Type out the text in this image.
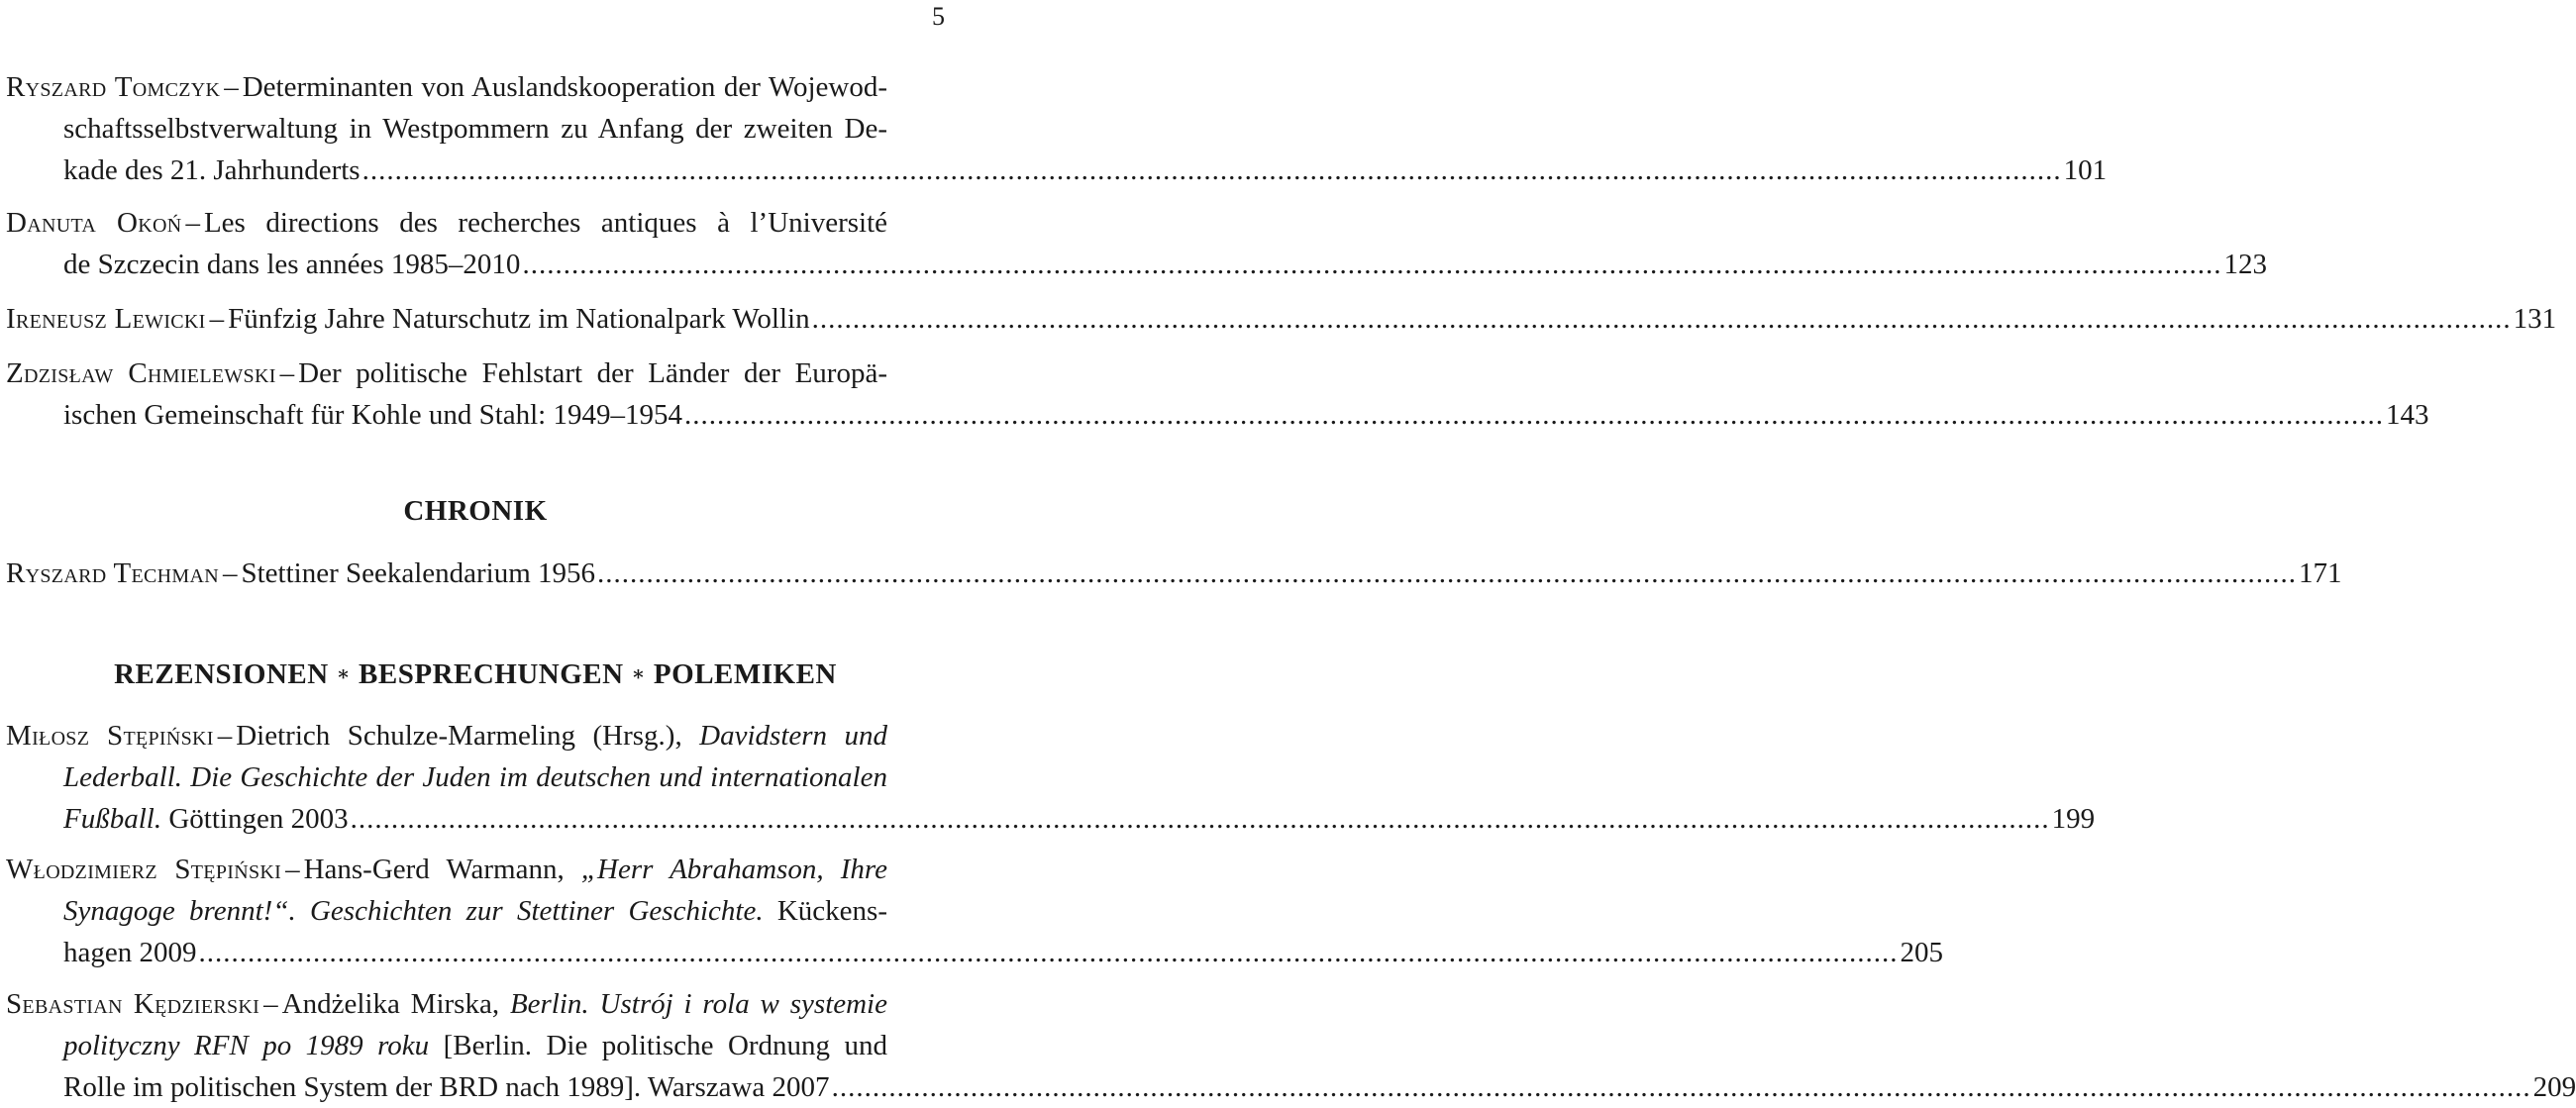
5
Ryszard Tomczyk – Determinanten von Auslandskooperation der Wojewod-
schaftsselbstverwaltung in Westpommern zu Anfang der zweiten De-
kade des 21. Jahrhunderts ................................................................................................................................................................................................................ 101
Danuta Okoń – Les directions des recherches antiques à l’Université
de Szczecin dans les années 1985–2010 ................................................................................................................................................................................................................ 123
Ireneusz Lewicki – Fünfzig Jahre Naturschutz im Nationalpark Wollin ................................................................................................................................................................................................................ 131
Zdzisław Chmielewski – Der politische Fehlstart der Länder der Europä-
ischen Gemeinschaft für Kohle und Stahl: 1949–1954 ................................................................................................................................................................................................................ 143
CHRONIK
Ryszard Techman – Stettiner Seekalendarium 1956 ................................................................................................................................................................................................................ 171
REZENSIONEN ∗ BESPRECHUNGEN ∗ POLEMIKEN
Miłosz Stępiński – Dietrich Schulze-Marmeling (Hrsg.), Davidstern und
Lederball. Die Geschichte der Juden im deutschen und internationalen
Fußball. Göttingen 2003 ................................................................................................................................................................................................................ 199
Włodzimierz Stępiński – Hans-Gerd Warmann, „Herr Abrahamson, Ihre
Synagoge brennt!“. Geschichten zur Stettiner Geschichte. Kückens-
hagen 2009 ................................................................................................................................................................................................................ 205
Sebastian Kędzierski – Andżelika Mirska, Berlin. Ustrój i rola w systemie
polityczny RFN po 1989 roku [Berlin. Die politische Ordnung und
Rolle im politischen System der BRD nach 1989]. Warszawa 2007 ................................................................................................................................................................................................................ 209
